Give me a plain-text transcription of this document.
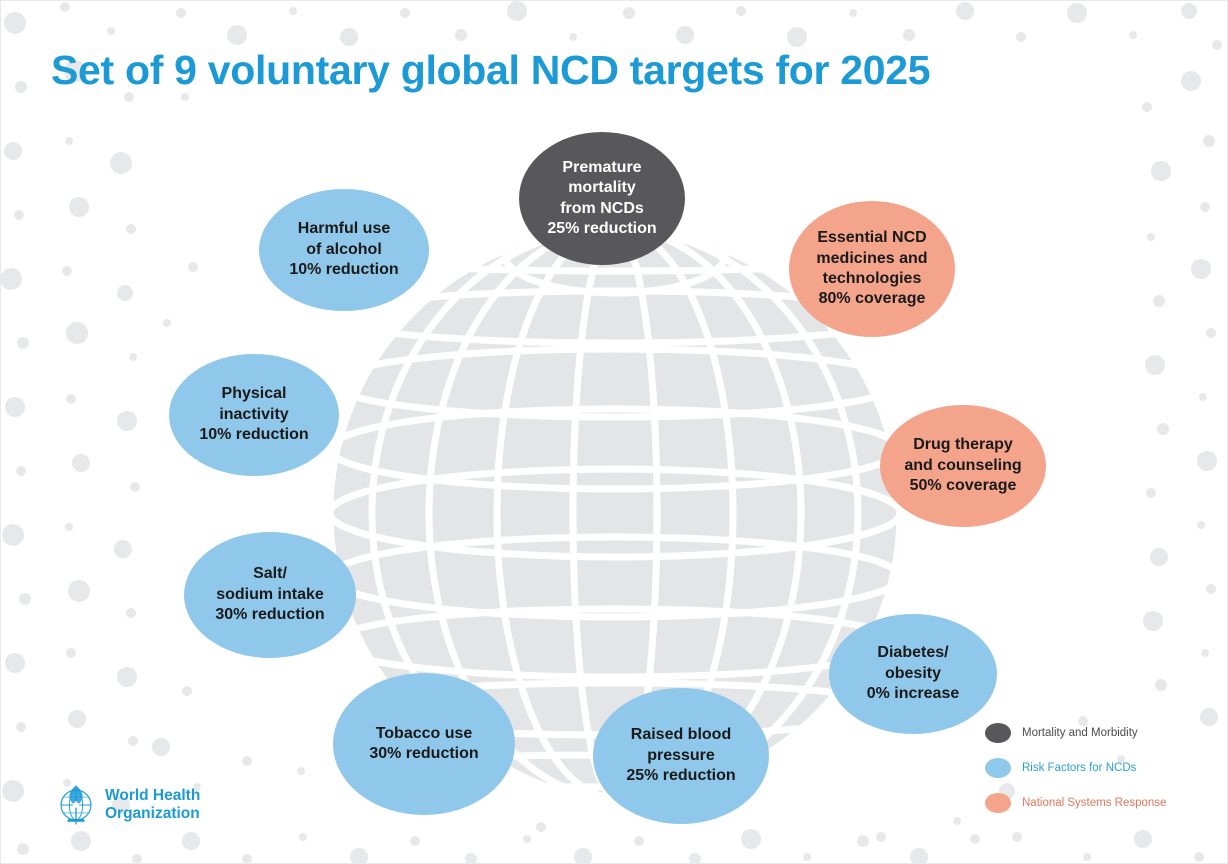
Set of 9 voluntary global NCD targets for 2025
Premature
mortality
from NCDs
25% reduction
Harmful use
of alcohol
10% reduction
Physical
inactivity
10% reduction
Salt/
sodium intake
30% reduction
Tobacco use
30% reduction
Raised blood
pressure
25% reduction
Diabetes/
obesity
0% increase
Drug therapy
and counseling
50% coverage
Essential NCD
medicines and
technologies
80% coverage
Mortality and Morbidity
Risk Factors for NCDs
National Systems Response
World Health
Organization
